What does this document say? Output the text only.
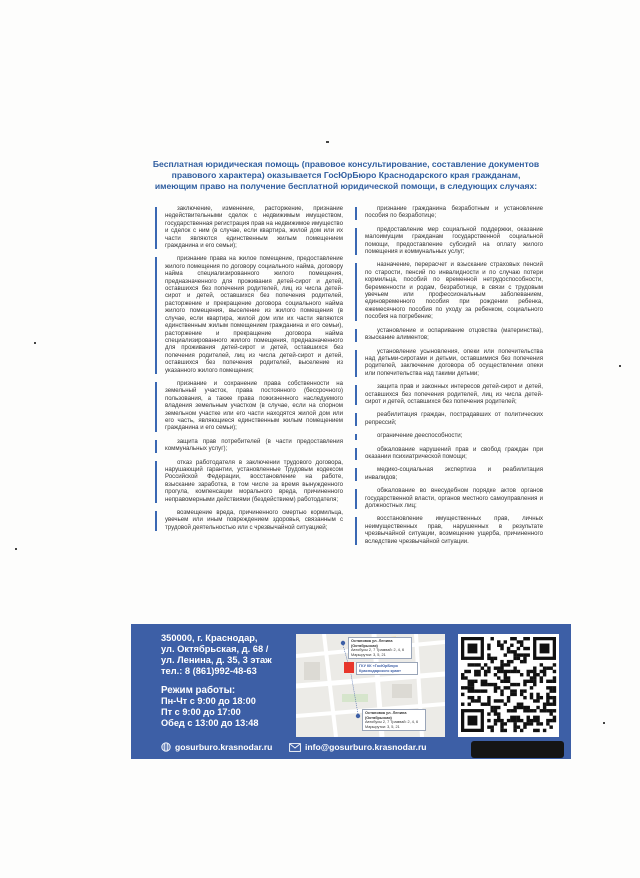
Бесплатная юридическая помощь (правовое консультирование, составление документов
правового характера) оказывается ГосЮрБюро Краснодарского края гражданам,
имеющим право на получение бесплатной юридической помощи, в следующих случаях:
заключение, изменение, расторжение, признание недействительными сделок с недвижимым имуществом, государственная регистрация прав на недвижимое имущество и сделок с ним (в случае, если квартира, жилой дом или их части являются единственным жилым помещением гражданина и его семьи);
признание права на жилое помещение, предоставление жилого помещения по договору социального найма, договору найма специализированного жилого помещения, предназначенного для проживания детей-сирот и детей, оставшихся без попечения родителей, лиц из числа детей-сирот и детей, оставшихся без попечения родителей, расторжение и прекращение договора социального найма жилого помещения, выселение из жилого помещения (в случае, если квартира, жилой дом или их части являются единственным жилым помещением гражданина и его семьи), расторжение и прекращение договора найма специализированного жилого помещения, предназначенного для проживания детей-сирот и детей, оставшихся без попечения родителей, лиц из числа детей-сирот и детей, оставшихся без попечения родителей, выселение из указанного жилого помещения;
признание и сохранение права собственности на земельный участок, права постоянного (бессрочного) пользования, а также права пожизненного наследуемого владения земельным участком (в случае, если на спорном земельном участке или его части находятся жилой дом или его часть, являющиеся единственным жилым помещением гражданина и его семьи);
защита прав потребителей (в части предоставления коммунальных услуг);
отказ работодателя в заключении трудового договора, нарушающий гарантии, установленные Трудовым кодексом Российской Федерации, восстановление на работе, взыскание заработка, в том числе за время вынужденного прогула, компенсации морального вреда, причиненного неправомерными действиями (бездействием) работодателя;
возмещение вреда, причиненного смертью кормильца, увечьем или иным повреждением здоровья, связанным с трудовой деятельностью или с чрезвычайной ситуацией;
признание гражданина безработным и установление пособия по безработице;
предоставление мер социальной поддержки, оказание малоимущим гражданам государственной социальной помощи, предоставление субсидий на оплату жилого помещения и коммунальных услуг;
назначение, перерасчет и взыскание страховых пенсий по старости, пенсий по инвалидности и по случаю потери кормильца, пособий по временной нетрудоспособности, беременности и родам, безработице, в связи с трудовым увечьем или профессиональным заболеванием, единовременного пособия при рождении ребенка, ежемесячного пособия по уходу за ребенком, социального пособия на погребение;
установление и оспаривание отцовства (материнства), взыскание алиментов;
установление усыновления, опеки или попечительства над детьми-сиротами и детьми, оставшимися без попечения родителей, заключение договора об осуществлении опеки или попечительства над такими детьми;
защита прав и законных интересов детей-сирот и детей, оставшихся без попечения родителей, лиц из числа детей-сирот и детей, оставшихся без попечения родителей;
реабилитация граждан, пострадавших от политических репрессий;
ограничение дееспособности;
обжалование нарушений прав и свобод граждан при оказании психиатрической помощи;
медико-социальная экспертиза и реабилитация инвалидов;
обжалование во внесудебном порядке актов органов государственной власти, органов местного самоуправления и должностных лиц;
восстановление имущественных прав, личных неимущественных прав, нарушенных в результате чрезвычайной ситуации, возмещение ущерба, причиненного вследствие чрезвычайной ситуации.
350000, г. Краснодар,
ул. Октябрьская, д. 68 /
ул. Ленина, д. 35, 3 этаж
тел.: 8 (861)992-48-63
Режим работы:
Пн-Чт с 9:00 до 18:00
Пт с 9:00 до 17:00
Обед с 13:00 до 13:48
Остановка ул. Ленина (Октябрьская)
Автобусы 2, 7 Трамвай: 2, 4, 6
Маршрутки: 3, 5, 21
ГКУ КК «ГосЮрБюро Краснодарского края»
Остановка ул. Ленина (Октябрьская)
Автобусы 2, 7 Трамвай: 2, 4, 6
Маршрутки: 3, 5, 21
gosurburo.krasnodar.ru	info@gosurburo.krasnodar.ru
